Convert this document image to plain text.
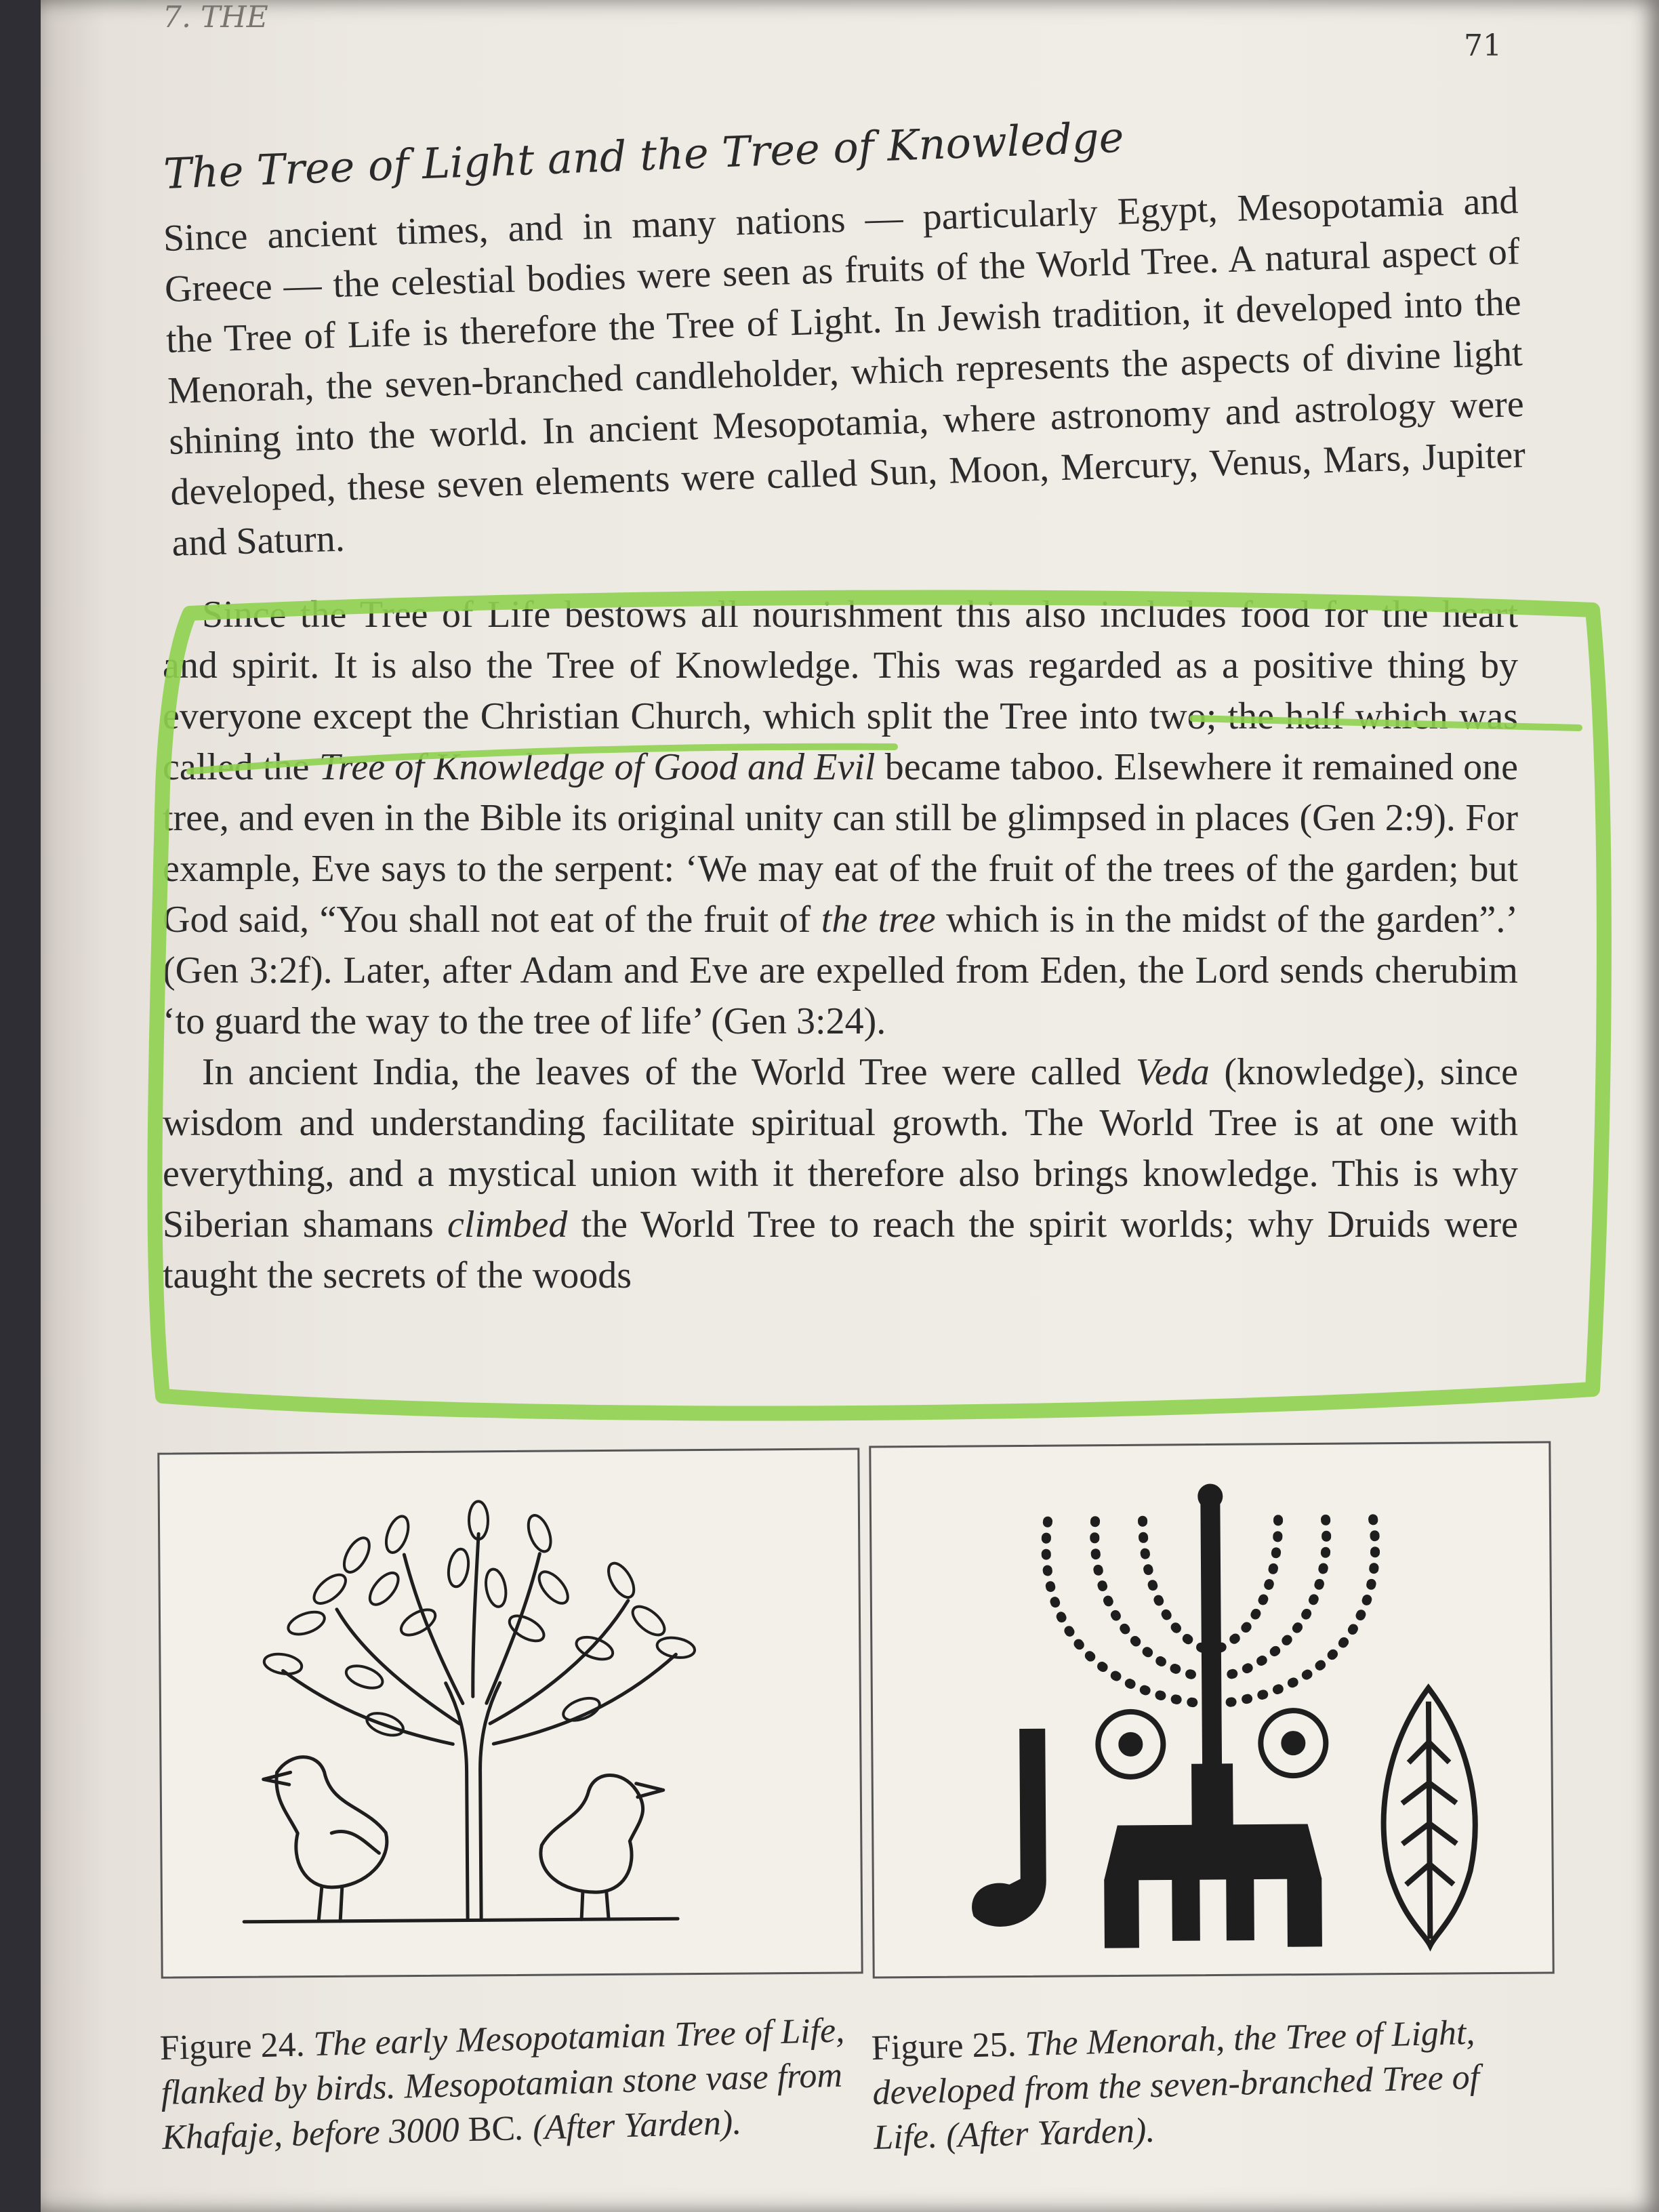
7. THE
71
The Tree of Light and the Tree of Knowledge

Since ancient times, and in many nations — particularly Egypt, Mesopotamia and Greece — the celestial bodies were seen as fruits of the World Tree. A natural aspect of the Tree of Life is therefore the Tree of Light. In Jewish tradition, it developed into the Menorah, the seven-branched candleholder, which represents the aspects of divine light shining into the world. In ancient Mesopotamia, where astronomy and astrology were developed, these seven elements were called Sun, Moon, Mercury, Venus, Mars, Jupiter and Saturn.

Since the Tree of Life bestows all nourishment this also includes food for the heart and spirit. It is also the Tree of Knowledge. This was regarded as a positive thing by everyone except the Christian Church, which split the Tree into two; the half which was called the Tree of Knowledge of Good and Evil became taboo. Elsewhere it remained one tree, and even in the Bible its original unity can still be glimpsed in places (Gen 2:9). For example, Eve says to the serpent: ‘We may eat of the fruit of the trees of the garden; but God said, “You shall not eat of the fruit of the tree which is in the midst of the garden”.’ (Gen 3:2f). Later, after Adam and Eve are expelled from Eden, the Lord sends cherubim ‘to guard the way to the tree of life’ (Gen 3:24).

In ancient India, the leaves of the World Tree were called Veda (knowledge), since wisdom and understanding facilitate spiritual growth. The World Tree is at one with everything, and a mystical union with it therefore also brings knowledge. This is why Siberian shamans climbed the World Tree to reach the spirit worlds; why Druids were taught the secrets of the woods

Figure 24. The early Mesopotamian Tree of Life, flanked by birds. Mesopotamian stone vase from Khafaje, before 3000 BC. (After Yarden).
Figure 25. The Menorah, the Tree of Light, developed from the seven-branched Tree of Life. (After Yarden).
